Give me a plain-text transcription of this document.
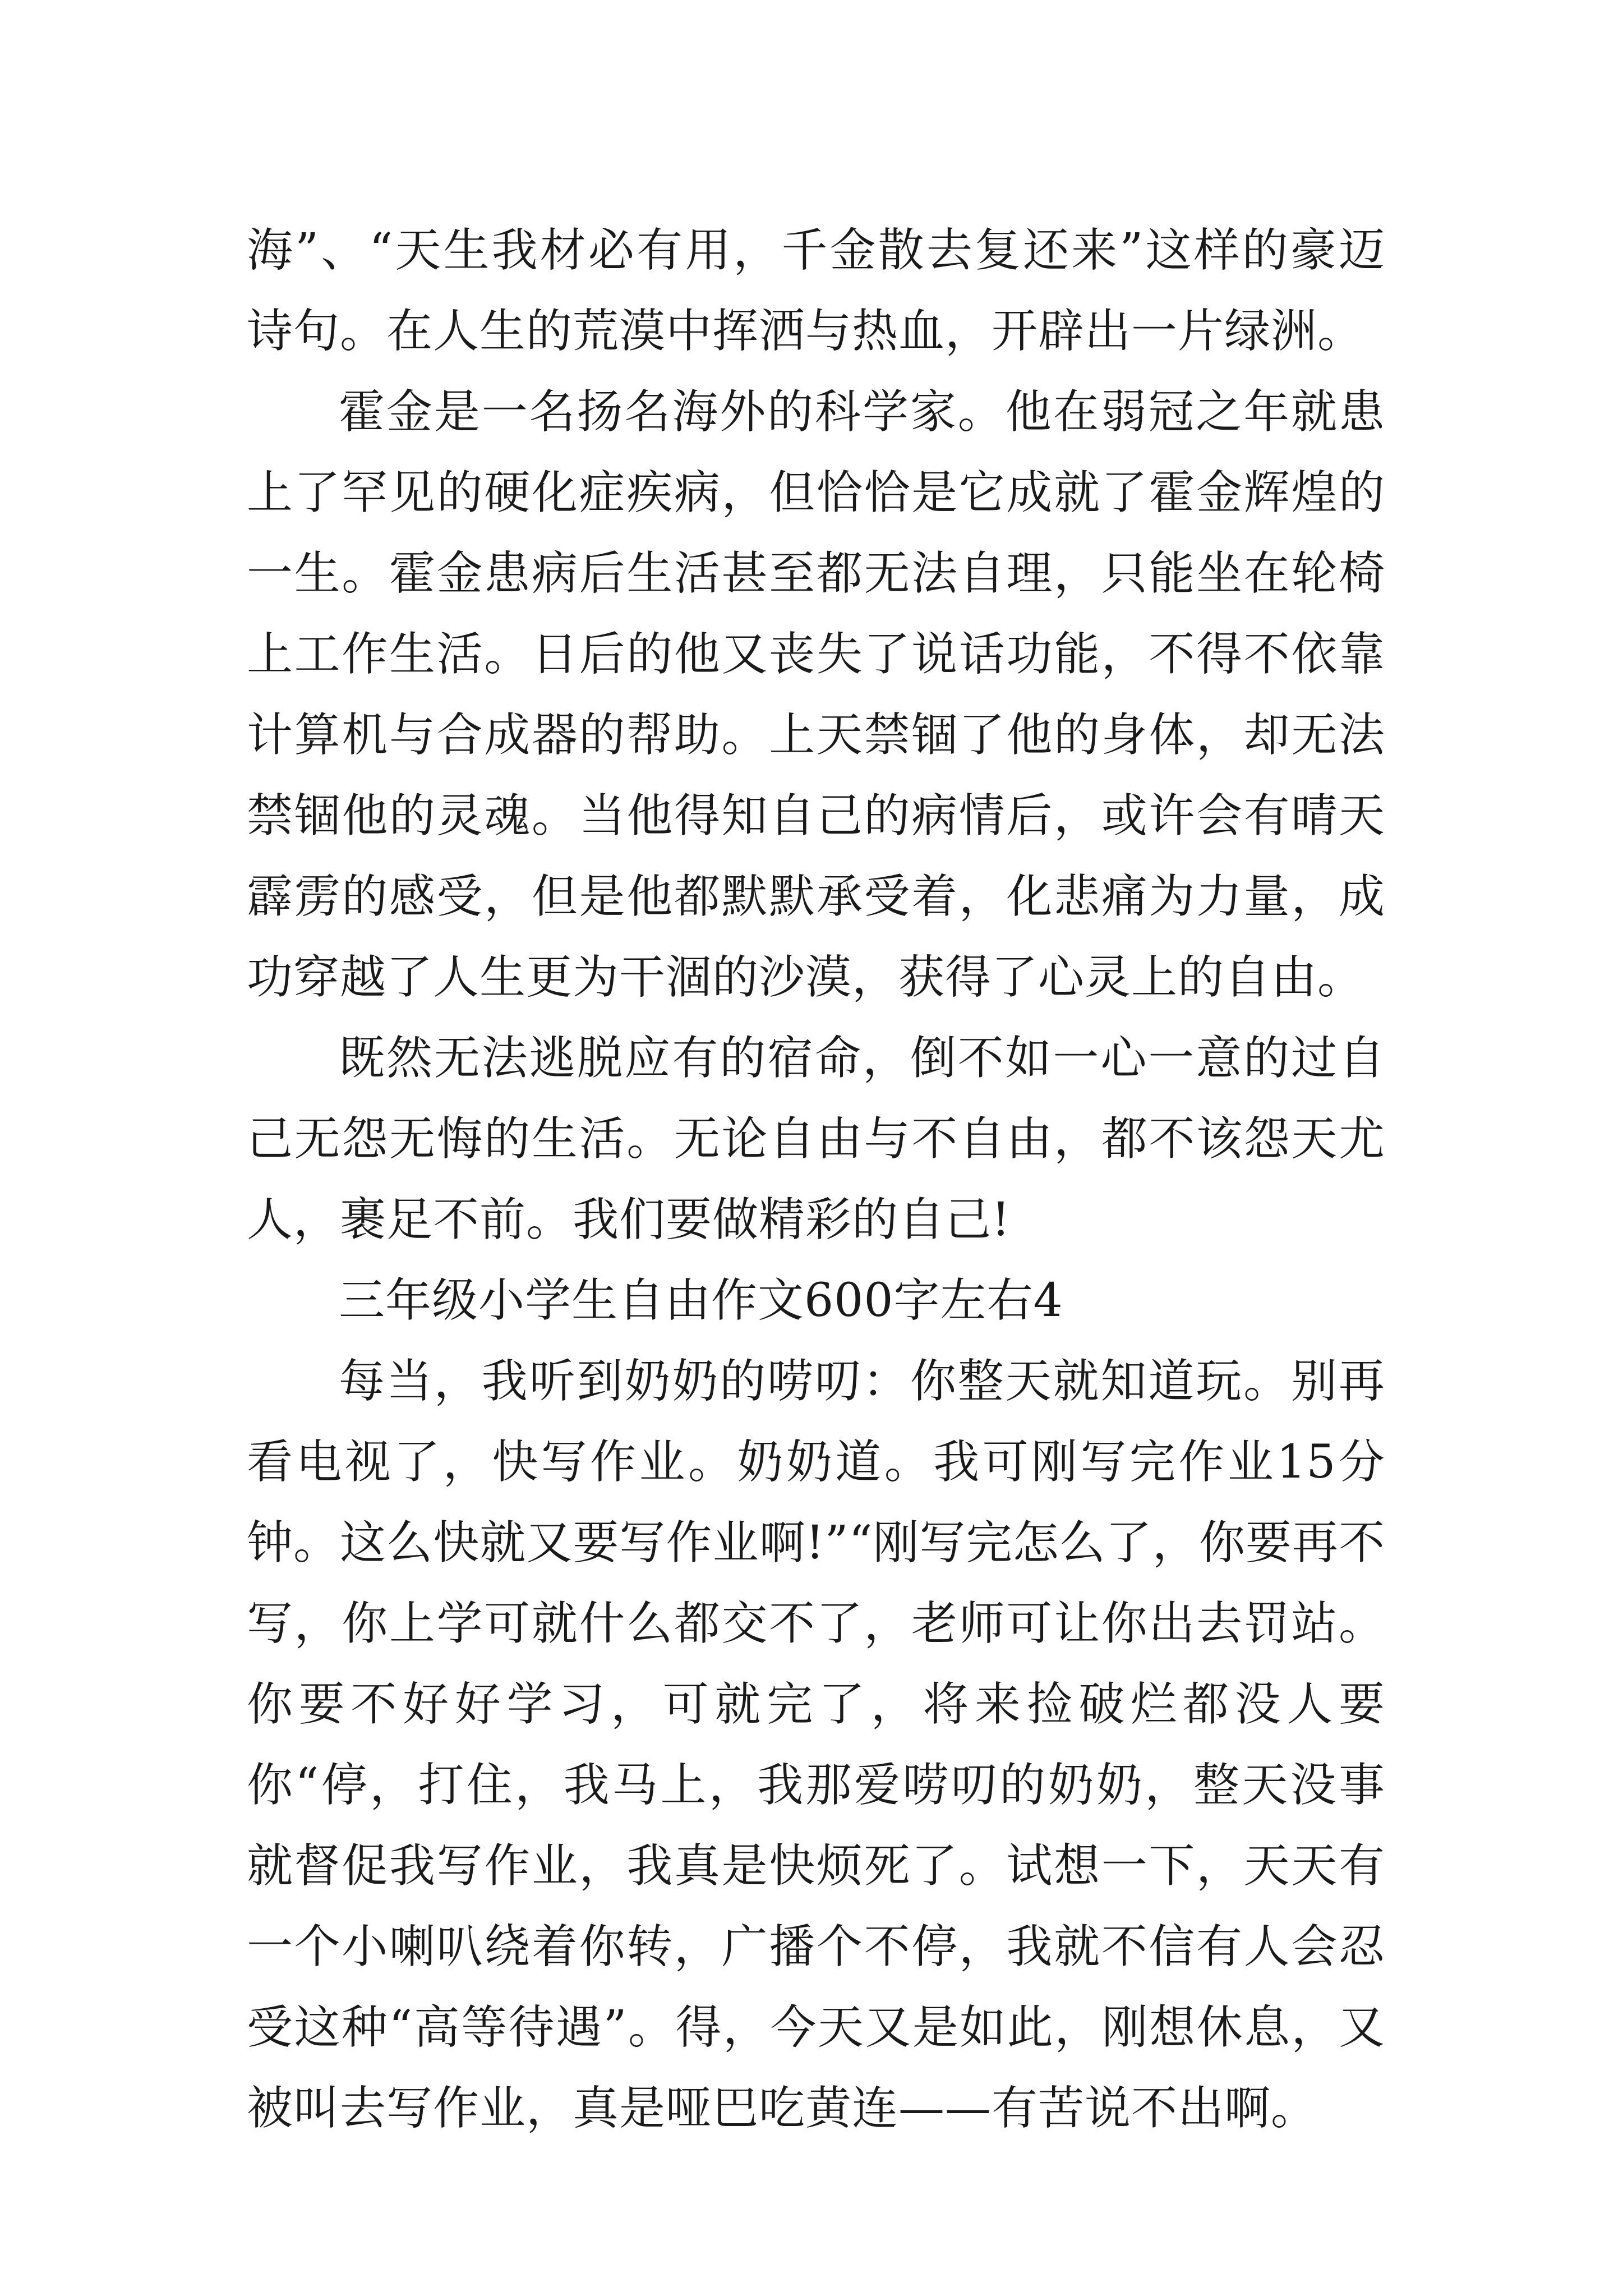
海”、“天生我材必有用，千金散去复还来”这样的豪迈诗句。在人生的荒漠中挥洒与热血，开辟出一片绿洲。

霍金是一名扬名海外的科学家。他在弱冠之年就患上了罕见的硬化症疾病，但恰恰是它成就了霍金辉煌的一生。霍金患病后生活甚至都无法自理，只能坐在轮椅上工作生活。日后的他又丧失了说话功能，不得不依靠计算机与合成器的帮助。上天禁锢了他的身体，却无法禁锢他的灵魂。当他得知自己的病情后，或许会有晴天霹雳的感受，但是他都默默承受着，化悲痛为力量，成功穿越了人生更为干涸的沙漠，获得了心灵上的自由。

既然无法逃脱应有的宿命，倒不如一心一意的过自己无怨无悔的生活。无论自由与不自由，都不该怨天尤人，裹足不前。我们要做精彩的自己!

三年级小学生自由作文600字左右4

每当，我听到奶奶的唠叨：你整天就知道玩。别再看电视了，快写作业。奶奶道。我可刚写完作业15分钟。这么快就又要写作业啊!”“刚写完怎么了，你要再不写，你上学可就什么都交不了，老师可让你出去罚站。你要不好好学习，可就完了，将来捡破烂都没人要你“停，打住，我马上，我那爱唠叨的奶奶，整天没事就督促我写作业，我真是快烦死了。试想一下，天天有一个小喇叭绕着你转，广播个不停，我就不信有人会忍受这种“高等待遇”。得，今天又是如此，刚想休息，又被叫去写作业，真是哑巴吃黄连——有苦说不出啊。
